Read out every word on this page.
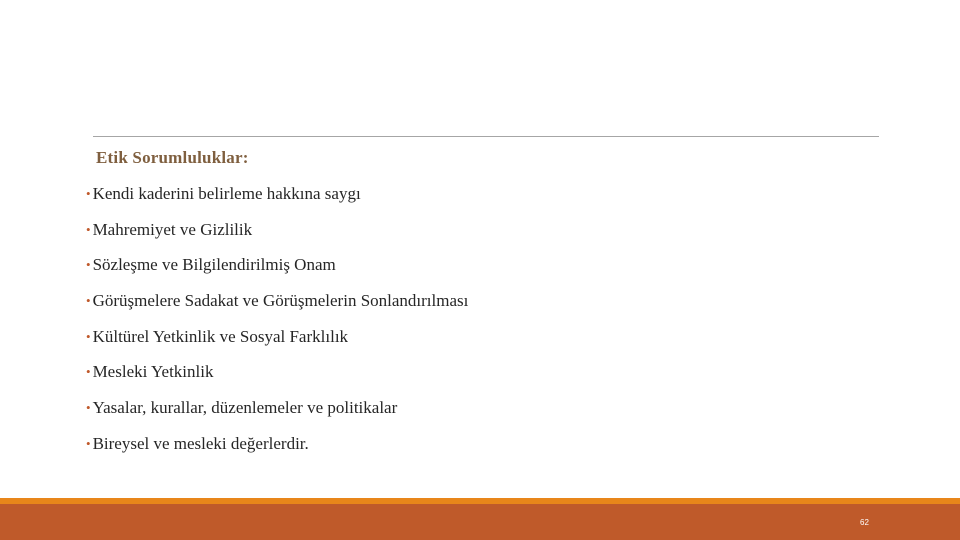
Etik Sorumluluklar:
• Kendi kaderini belirleme hakkına saygı
• Mahremiyet ve Gizlilik
• Sözleşme ve Bilgilendirilmiş Onam
• Görüşmelere Sadakat ve Görüşmelerin Sonlandırılması
• Kültürel Yetkinlik ve Sosyal Farklılık
• Mesleki Yetkinlik
• Yasalar, kurallar, düzenlemeler ve politikalar
• Bireysel ve mesleki değerlerdir.
62
